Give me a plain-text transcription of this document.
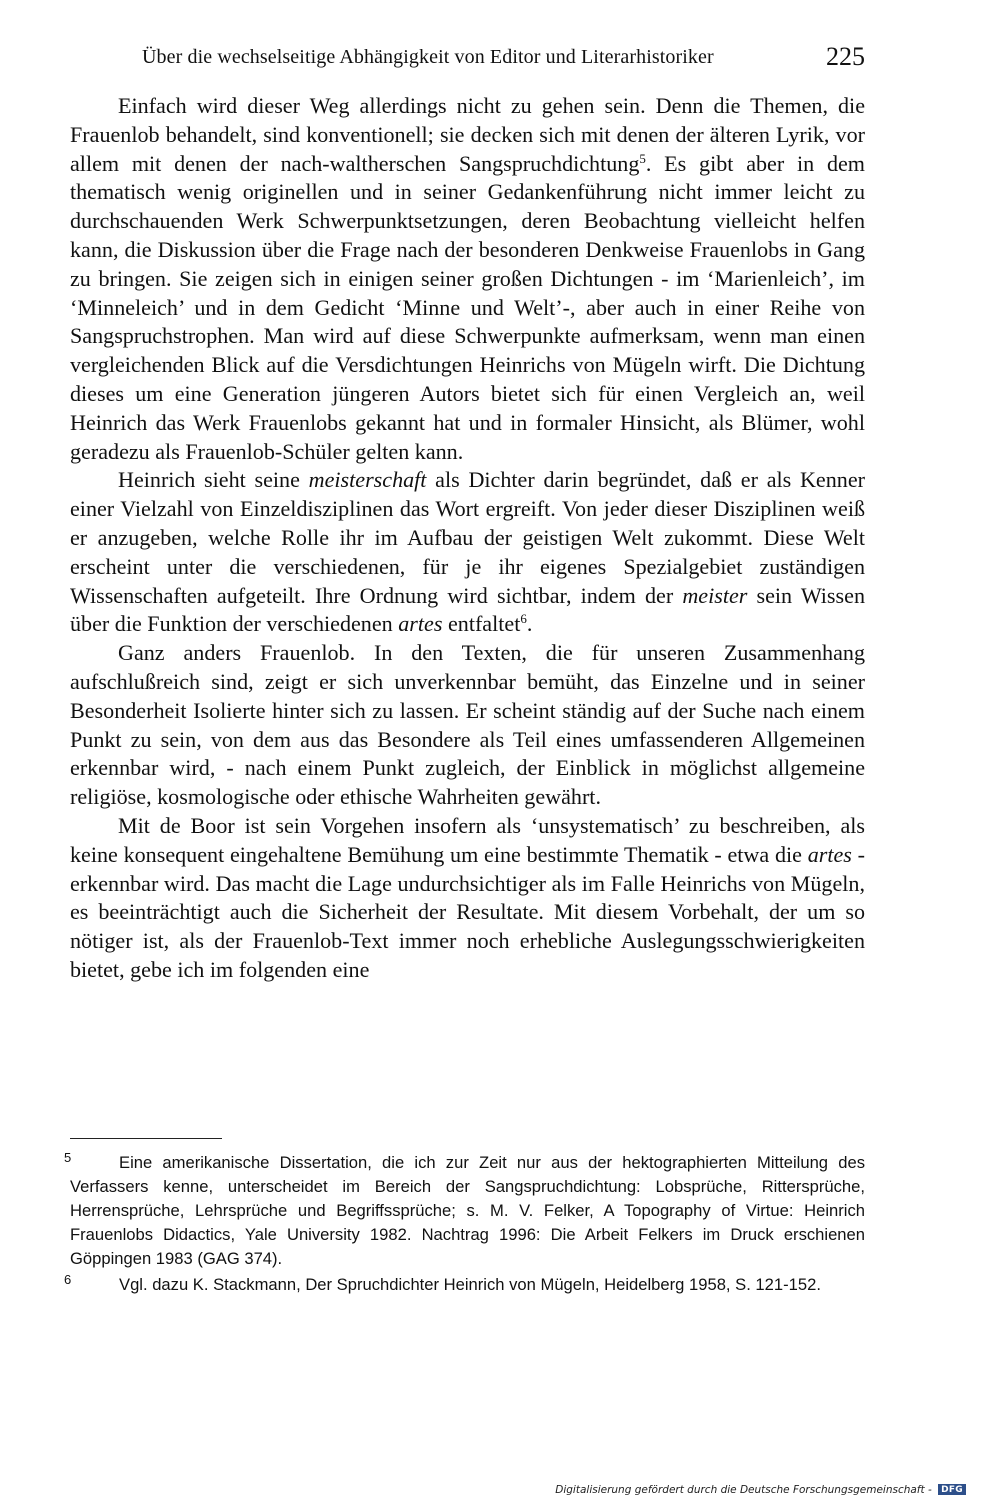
Über die wechselseitige Abhängigkeit von Editor und Literarhistoriker	225

Einfach wird dieser Weg allerdings nicht zu gehen sein. Denn die Themen, die Frauenlob behandelt, sind konventionell; sie decken sich mit denen der älteren Lyrik, vor allem mit denen der nach-waltherschen Sangspruchdichtung$^5$. Es gibt aber in dem thematisch wenig originellen und in seiner Gedankenführung nicht immer leicht zu durchschauenden Werk Schwerpunktsetzungen, deren Beobachtung vielleicht helfen kann, die Diskussion über die Frage nach der besonderen Denkweise Frauenlobs in Gang zu bringen. Sie zeigen sich in einigen seiner großen Dichtungen - im ‘Marienleich’, im ‘Minneleich’ und in dem Gedicht ‘Minne und Welt’-, aber auch in einer Reihe von Sangspruchstrophen. Man wird auf diese Schwerpunkte aufmerksam, wenn man einen vergleichenden Blick auf die Versdichtungen Heinrichs von Mügeln wirft. Die Dichtung dieses um eine Generation jüngeren Autors bietet sich für einen Vergleich an, weil Heinrich das Werk Frauenlobs gekannt hat und in formaler Hinsicht, als Blümer, wohl geradezu als Frauenlob-Schüler gelten kann.

Heinrich sieht seine meisterschaft als Dichter darin begründet, daß er als Kenner einer Vielzahl von Einzeldisziplinen das Wort ergreift. Von jeder dieser Disziplinen weiß er anzugeben, welche Rolle ihr im Aufbau der geistigen Welt zukommt. Diese Welt erscheint unter die verschiedenen, für je ihr eigenes Spezialgebiet zuständigen Wissenschaften aufgeteilt. Ihre Ordnung wird sichtbar, indem der meister sein Wissen über die Funktion der verschiedenen artes entfaltet$^6$.

Ganz anders Frauenlob. In den Texten, die für unseren Zusammenhang aufschlußreich sind, zeigt er sich unverkennbar bemüht, das Einzelne und in seiner Besonderheit Isolierte hinter sich zu lassen. Er scheint ständig auf der Suche nach einem Punkt zu sein, von dem aus das Besondere als Teil eines umfassenderen Allgemeinen erkennbar wird, - nach einem Punkt zugleich, der Einblick in möglichst allgemeine religiöse, kosmologische oder ethische Wahrheiten gewährt.

Mit de Boor ist sein Vorgehen insofern als ‘unsystematisch’ zu beschreiben, als keine konsequent eingehaltene Bemühung um eine bestimmte Thematik - etwa die artes - erkennbar wird. Das macht die Lage undurchsichtiger als im Falle Heinrichs von Mügeln, es beeinträchtigt auch die Sicherheit der Resultate. Mit diesem Vorbehalt, der um so nötiger ist, als der Frauenlob-Text immer noch erhebliche Auslegungsschwierigkeiten bietet, gebe ich im folgenden eine

5	Eine amerikanische Dissertation, die ich zur Zeit nur aus der hektographierten Mitteilung des Verfassers kenne, unterscheidet im Bereich der Sangspruchdichtung: Lobsprüche, Rittersprüche, Herrensprüche, Lehrsprüche und Begriffssprüche; s. M. V. Felker, A Topography of Virtue: Heinrich Frauenlobs Didactics, Yale University 1982. Nachtrag 1996: Die Arbeit Felkers im Druck erschienen Göppingen 1983 (GAG 374).
6	Vgl. dazu K. Stackmann, Der Spruchdichter Heinrich von Mügeln, Heidelberg 1958, S. 121-152.
Digitalisierung gefördert durch die Deutsche Forschungsgemeinschaft - DFG
